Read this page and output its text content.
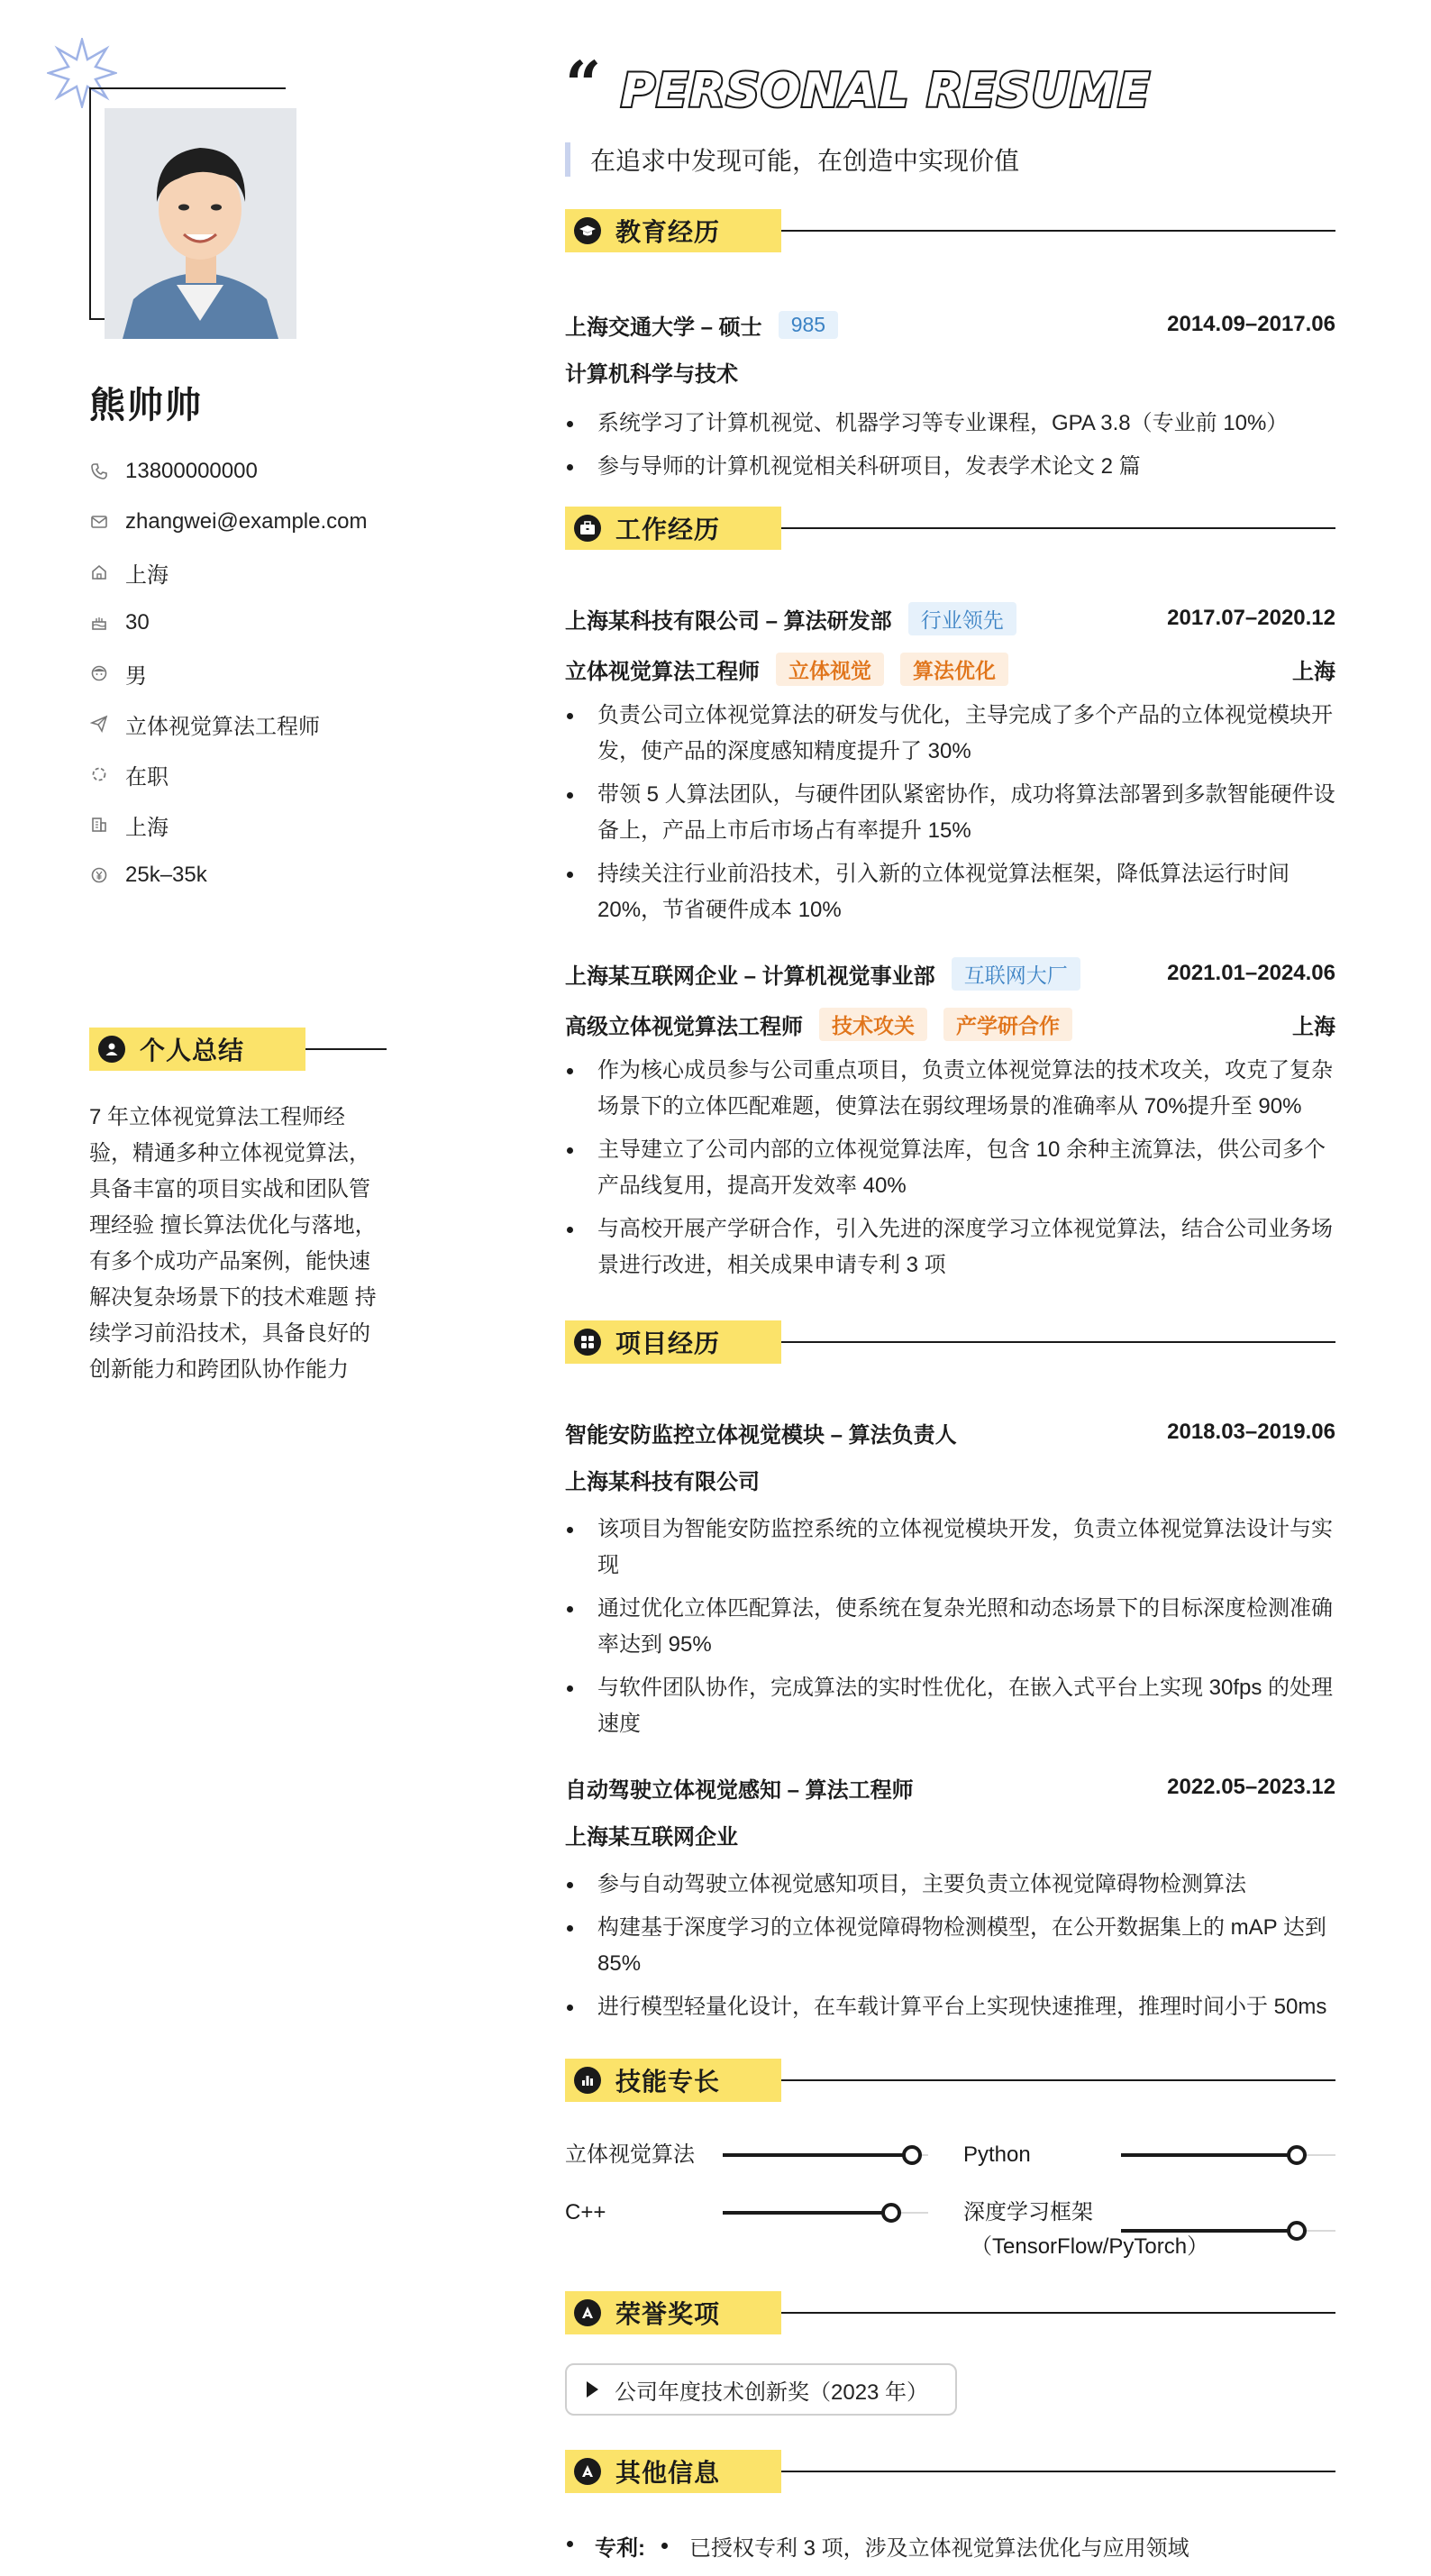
熊帅帅
13800000000
zhangwei@example.com
上海
30
男
立体视觉算法工程师
在职
上海
25k–35k
个人总结
7 年立体视觉算法工程师经验，精通多种立体视觉算法，具备丰富的项目实战和团队管理经验 擅长算法优化与落地，有多个成功产品案例，能快速解决复杂场景下的技术难题 持续学习前沿技术，具备良好的创新能力和跨团队协作能力
“ PERSONAL RESUME
在追求中发现可能，在创造中实现价值
教育经历
上海交通大学 – 硕士	985	2014.09–2017.06
计算机科学与技术
系统学习了计算机视觉、机器学习等专业课程，GPA 3.8（专业前 10%）
参与导师的计算机视觉相关科研项目，发表学术论文 2 篇
工作经历
上海某科技有限公司 – 算法研发部	行业领先	2017.07–2020.12
立体视觉算法工程师	立体视觉	算法优化	上海
负责公司立体视觉算法的研发与优化，主导完成了多个产品的立体视觉模块开发，使产品的深度感知精度提升了 30%
带领 5 人算法团队，与硬件团队紧密协作，成功将算法部署到多款智能硬件设备上，产品上市后市场占有率提升 15%
持续关注行业前沿技术，引入新的立体视觉算法框架，降低算法运行时间 20%，节省硬件成本 10%
上海某互联网企业 – 计算机视觉事业部	互联网大厂	2021.01–2024.06
高级立体视觉算法工程师	技术攻关	产学研合作	上海
作为核心成员参与公司重点项目，负责立体视觉算法的技术攻关，攻克了复杂场景下的立体匹配难题，使算法在弱纹理场景的准确率从 70%提升至 90%
主导建立了公司内部的立体视觉算法库，包含 10 余种主流算法，供公司多个产品线复用，提高开发效率 40%
与高校开展产学研合作，引入先进的深度学习立体视觉算法，结合公司业务场景进行改进，相关成果申请专利 3 项
项目经历
智能安防监控立体视觉模块 – 算法负责人	2018.03–2019.06
上海某科技有限公司
该项目为智能安防监控系统的立体视觉模块开发，负责立体视觉算法设计与实现
通过优化立体匹配算法，使系统在复杂光照和动态场景下的目标深度检测准确率达到 95%
与软件团队协作，完成算法的实时性优化，在嵌入式平台上实现 30fps 的处理速度
自动驾驶立体视觉感知 – 算法工程师	2022.05–2023.12
上海某互联网企业
参与自动驾驶立体视觉感知项目，主要负责立体视觉障碍物检测算法
构建基于深度学习的立体视觉障碍物检测模型，在公开数据集上的 mAP 达到 85%
进行模型轻量化设计，在车载计算平台上实现快速推理，推理时间小于 50ms
技能专长
立体视觉算法	Python
C++	深度学习框架
（TensorFlow/PyTorch）
荣誉奖项
公司年度技术创新奖（2023 年）
其他信息
专利: 已授权专利 3 项，涉及立体视觉算法优化与应用领域
